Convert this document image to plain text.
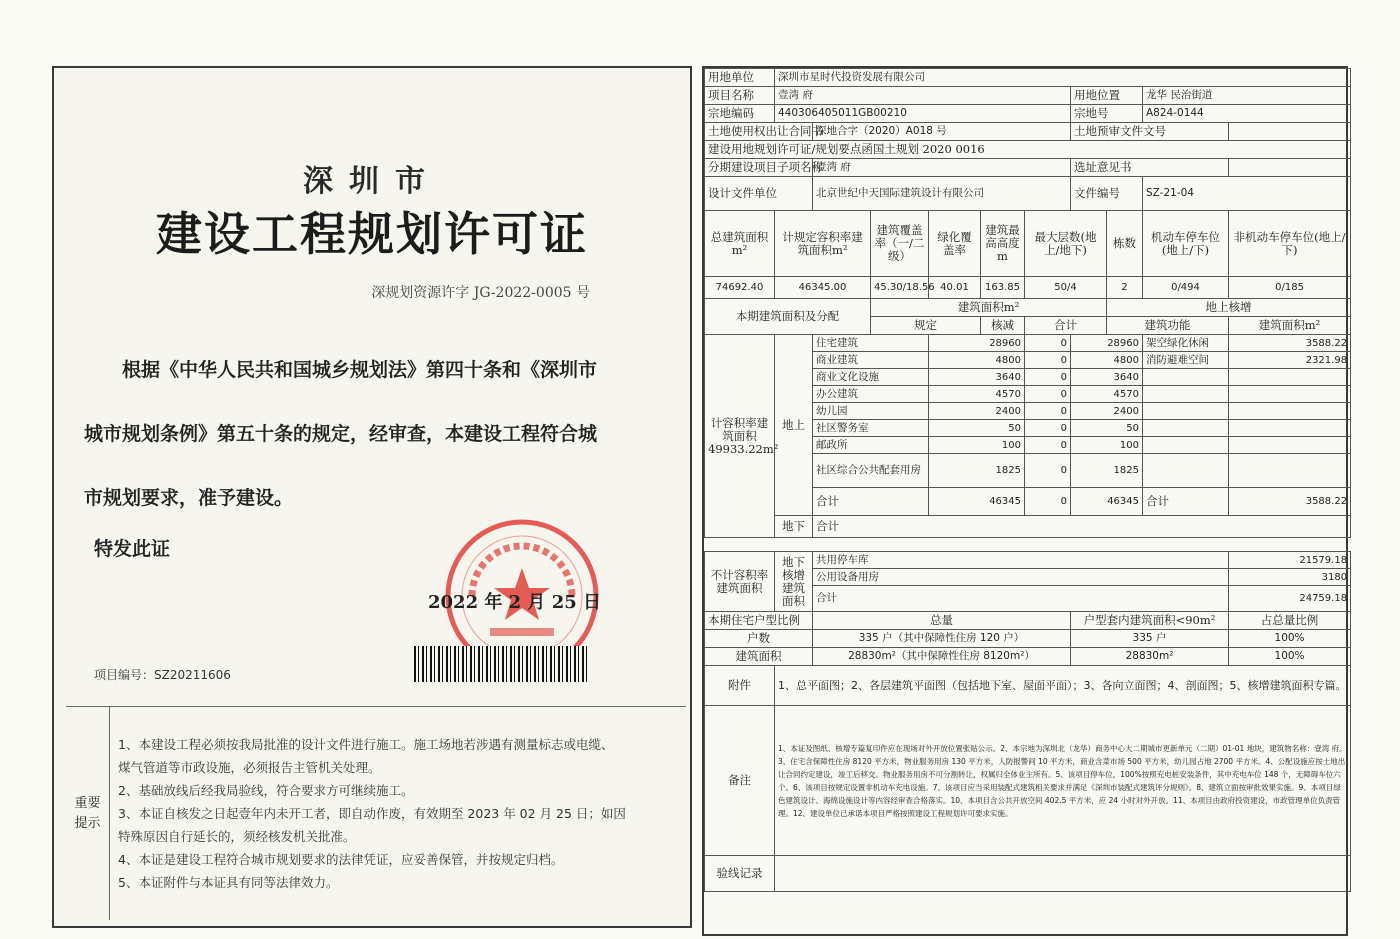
深圳市
建设工程规划许可证
深规划资源许字 JG-2022-0005 号
根据《中华人民共和国城乡规划法》第四十条和《深圳市
城市规划条例》第五十条的规定，经审查，本建设工程符合城
市规划要求，准予建设。
特发此证
2022 年 2 月 25 日
项目编号：SZ20211606
重要
提示
1、本建设工程必须按我局批准的设计文件进行施工。施工场地若涉遇有测量标志或电缆、
煤气管道等市政设施，必须报告主管机关处理。
2、基础放线后经我局验线，符合要求方可继续施工。
3、本证自核发之日起壹年内未开工者，即自动作废，有效期至 2023 年 02 月 25 日；如因
特殊原因自行延长的，须经核发机关批准。
4、本证是建设工程符合城市规划要求的法律凭证，应妥善保管，并按规定归档。
5、本证附件与本证具有同等法律效力。
用地单位	深圳市星时代投资发展有限公司									
项目名称	壹湾 府						用地位置		龙华 民治街道	
宗地编码	440306405011GB00210						宗地号		A824-0144	
土地使用权出让合同书		深地合字（2020）A018 号					土地预审文件文号			
建设用地规划许可证/规划要点函国土规划 2020 0016										
分期建设项目子项名称		壹湾 府					选址意见书			
设计文件单位		北京世纪中天国际建筑设计有限公司					文件编号		SZ-21-04	
总建筑面积m²	计规定容积率建筑面积m²		建筑覆盖率（一/二级）	绿化覆盖率	建筑最高高度m	最大层数(地上/地下)		栋数	机动车停车位(地上/下)	非机动车停车位(地上/下)
74692.40	46345.00		45.30/18.56	40.01	163.85	50/4		2	0/494	0/185
本期建筑面积及分配			建筑面积m²					地上核增		
			规定		核减	合计		建筑功能		建筑面积m²
计容积率建筑面积49933.22m²	地上	住宅建筑		28960		0	28960		架空绿化休闲	3588.22
		商业建筑		4800		0	4800		消防避难空间	2321.98
		商业文化设施		3640		0	3640			
		办公建筑		4570		0	4570			
		幼儿园		2400		0	2400			
		社区警务室		50		0	50			
		邮政所		100		0	100			
		社区综合公共配套用房		1825		0	1825			
		合计		46345		0	46345		合计	3588.22
	地下	合计								

不计容积率建筑面积	地下核增建筑面积	共用停车库								21579.18
		公用设备用房								3180
		合计								24759.18
本期住宅户型比例		总量					户型套内建筑面积<90m²			占总量比例
户数		335 户（其中保障性住房 120 户）					335 户			100%
建筑面积		28830m²（其中保障性住房 8120m²）					28830m²			100%
附件	1、总平面图；2、各层建筑平面图（包括地下室、屋面平面）；3、各向立面图；4、剖面图；5、核增建筑面积专篇。									
备注	1、本证及图纸、核增专篇复印件应在现场对外开放位置张贴公示。2、本宗地为深圳北（龙华）商务中心大二期城市更新单元（二期）01-01 地块，建筑物名称：壹湾 府。3、住宅含保障性住房 8120 平方米，物业服务用房 130 平方米，人防报警间 10 平方米，商业含菜市场 500 平方米，幼儿园占地 2700 平方米。4、公配设施应按土地出让合同约定建设，竣工后移交。物业服务用房不可分割转让，权属归全体业主所有。5、该项目停车位，100%按照充电桩安装条件，其中充电车位 148 个，无障碍车位六个。6、该项目按规定设置非机动车充电设施。7、该项目应当采用装配式建筑相关要求并满足《深圳市装配式建筑评分规则》。8、建筑立面按审批效果实施。9、本项目绿色建筑设计、海绵设施设计等内容经审查合格落实。10、本项目含公共开放空间 402.5 平方米，应 24 小时对外开放。11、本项目由政府投资建设，市政管理单位负责管理。12、建设单位已承诺本项目严格按照建设工程规划许可要求实施。									
验线记录										
